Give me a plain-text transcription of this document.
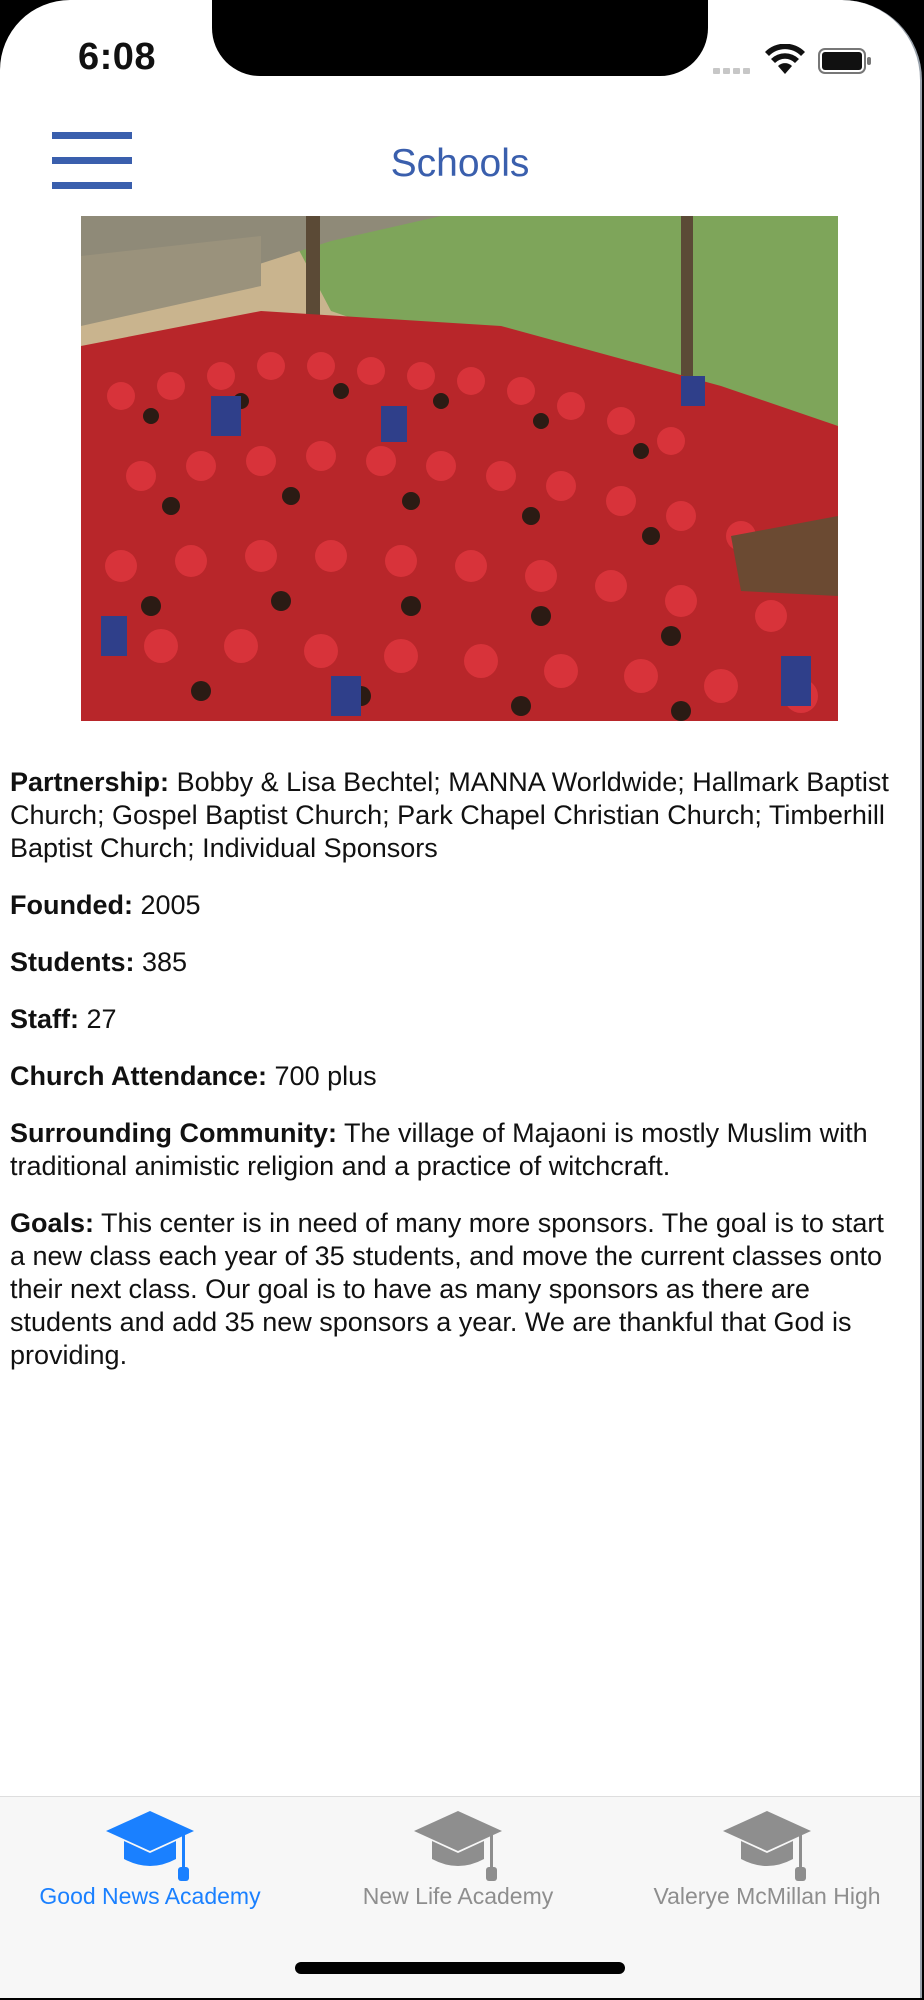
6:08
Schools

Partnership: Bobby & Lisa Bechtel; MANNA Worldwide; Hallmark Baptist Church; Gospel Baptist Church; Park Chapel Christian Church; Timberhill Baptist Church; Individual Sponsors

Founded: 2005

Students: 385

Staff: 27

Church Attendance: 700 plus

Surrounding Community: The village of Majaoni is mostly Muslim with traditional animistic religion and a practice of witchcraft.

Goals: This center is in need of many more sponsors. The goal is to start a new class each year of 35 students, and move the current classes onto their next class. Our goal is to have as many sponsors as there are students and add 35 new sponsors a year. We are thankful that God is providing.

Good News Academy	New Life Academy	Valerye McMillan High
